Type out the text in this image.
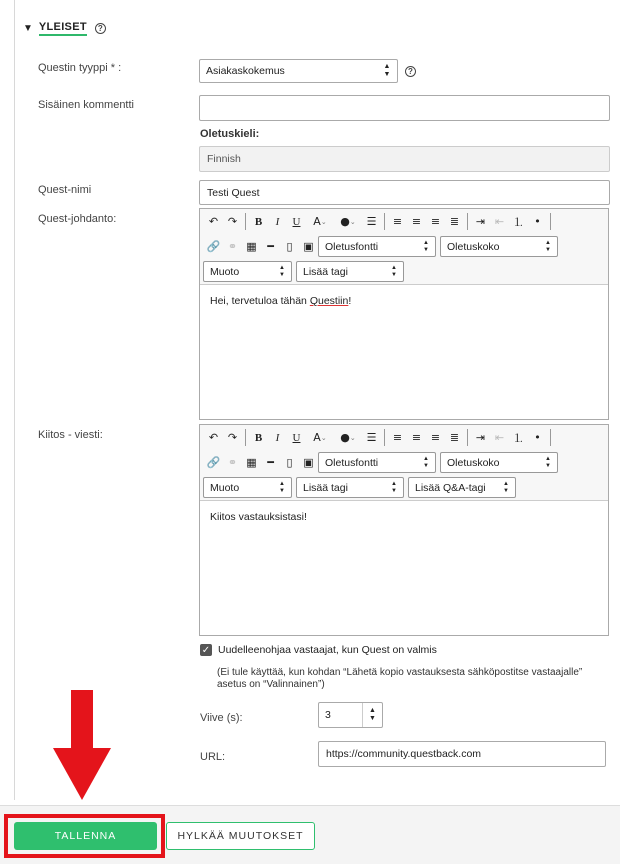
▼ YLEISET	?
Questin tyyppi * :	Asiakaskokemus	▲
▼	?
Sisäinen kommentti
Oletuskieli:
Finnish
Quest-nimi	Testi Quest
Quest-johdanto:	↶ ↷	B	I	U	A ⌄	● ⌄ ☰	≡ ≡ ≡ ≣	⇥ ⇤ ⒈ •
🔗 ⚭ ▦ ━	▯ ▣	Oletusfontti	▲
▼	Oletuskoko	▲
▼
Muoto	▲
▼	Lisää tagi	▲
▼
Hei, tervetuloa tähän Questiin!
Kiitos - viesti:	↶ ↷	B	I	U	A ⌄	● ⌄ ☰	≡ ≡ ≡ ≣	⇥ ⇤ ⒈ •
🔗 ⚭ ▦ ━	▯ ▣	Oletusfontti	▲
▼	Oletuskoko	▲
▼
Muoto	▲
▼	Lisää tagi	▲
▼	Lisää Q&A-tagi	▲
▼
Kiitos vastauksistasi!
✓ Uudelleenohjaa vastaajat, kun Quest on valmis
(Ei tule käyttää, kun kohdan “Lähetä kopio vastauksesta sähköpostitse vastaajalle” asetus on “Valinnainen”)
Viive (s):	3	▲
▼
URL:	https://community.questback.com
TALLENNA	HYLKÄÄ MUUTOKSET
